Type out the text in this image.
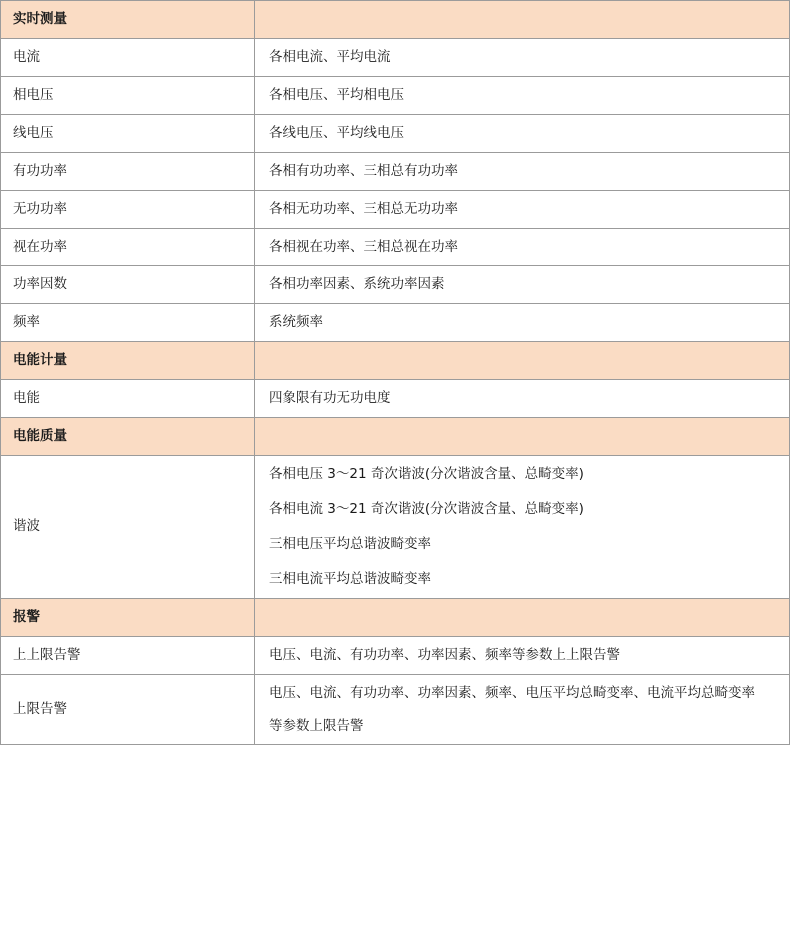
实时测量	
电流	各相电流、平均电流
相电压	各相电压、平均相电压
线电压	各线电压、平均线电压
有功功率	各相有功功率、三相总有功功率
无功功率	各相无功功率、三相总无功功率
视在功率	各相视在功率、三相总视在功率
功率因数	各相功率因素、系统功率因素
频率	系统频率
电能计量	
电能	四象限有功无功电度
电能质量	
谐波	各相电压 3～21 奇次谐波(分次谐波含量、总畸变率)
各相电流 3～21 奇次谐波(分次谐波含量、总畸变率)
三相电压平均总谐波畸变率
三相电流平均总谐波畸变率

报警	
上上限告警	电压、电流、有功功率、功率因素、频率等参数上上限告警
上限告警	电压、电流、有功功率、功率因素、频率、电压平均总畸变率、电流平均总畸变率
等参数上限告警
